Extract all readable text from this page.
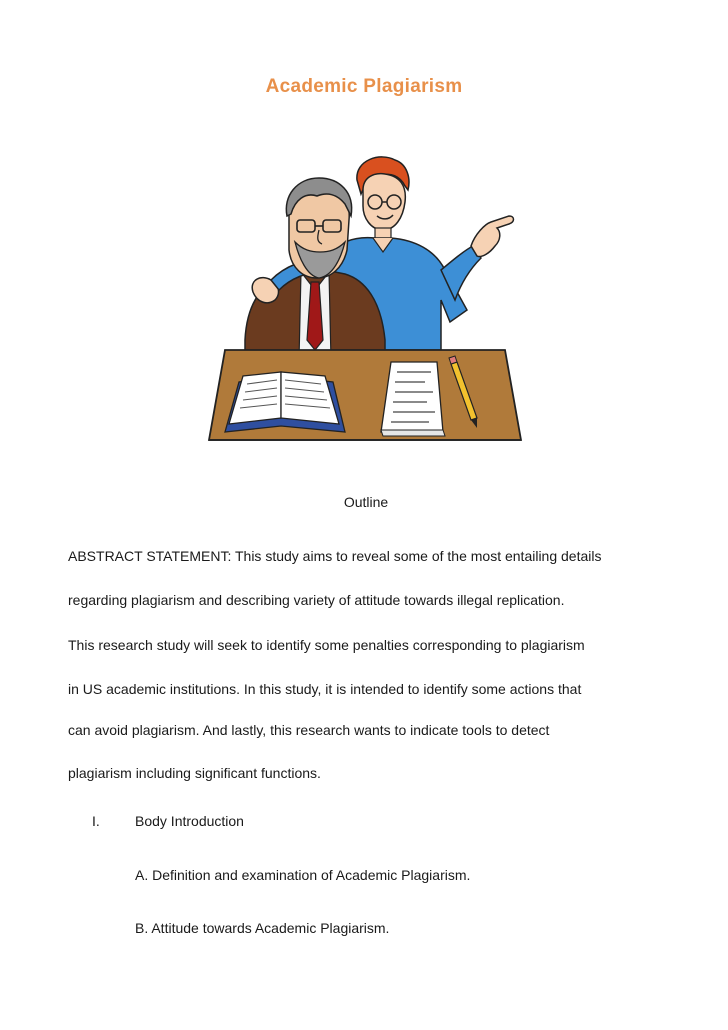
Academic Plagiarism
Outline
ABSTRACT STATEMENT: This study aims to reveal some of the most entailing details
regarding plagiarism and describing variety of attitude towards illegal replication.
This research study will seek to identify some penalties corresponding to plagiarism
in US academic institutions. In this study, it is intended to identify some actions that
can avoid plagiarism. And lastly, this research wants to indicate tools to detect
plagiarism including significant functions.
I.	Body Introduction
A. Definition and examination of Academic Plagiarism.
B. Attitude towards Academic Plagiarism.
